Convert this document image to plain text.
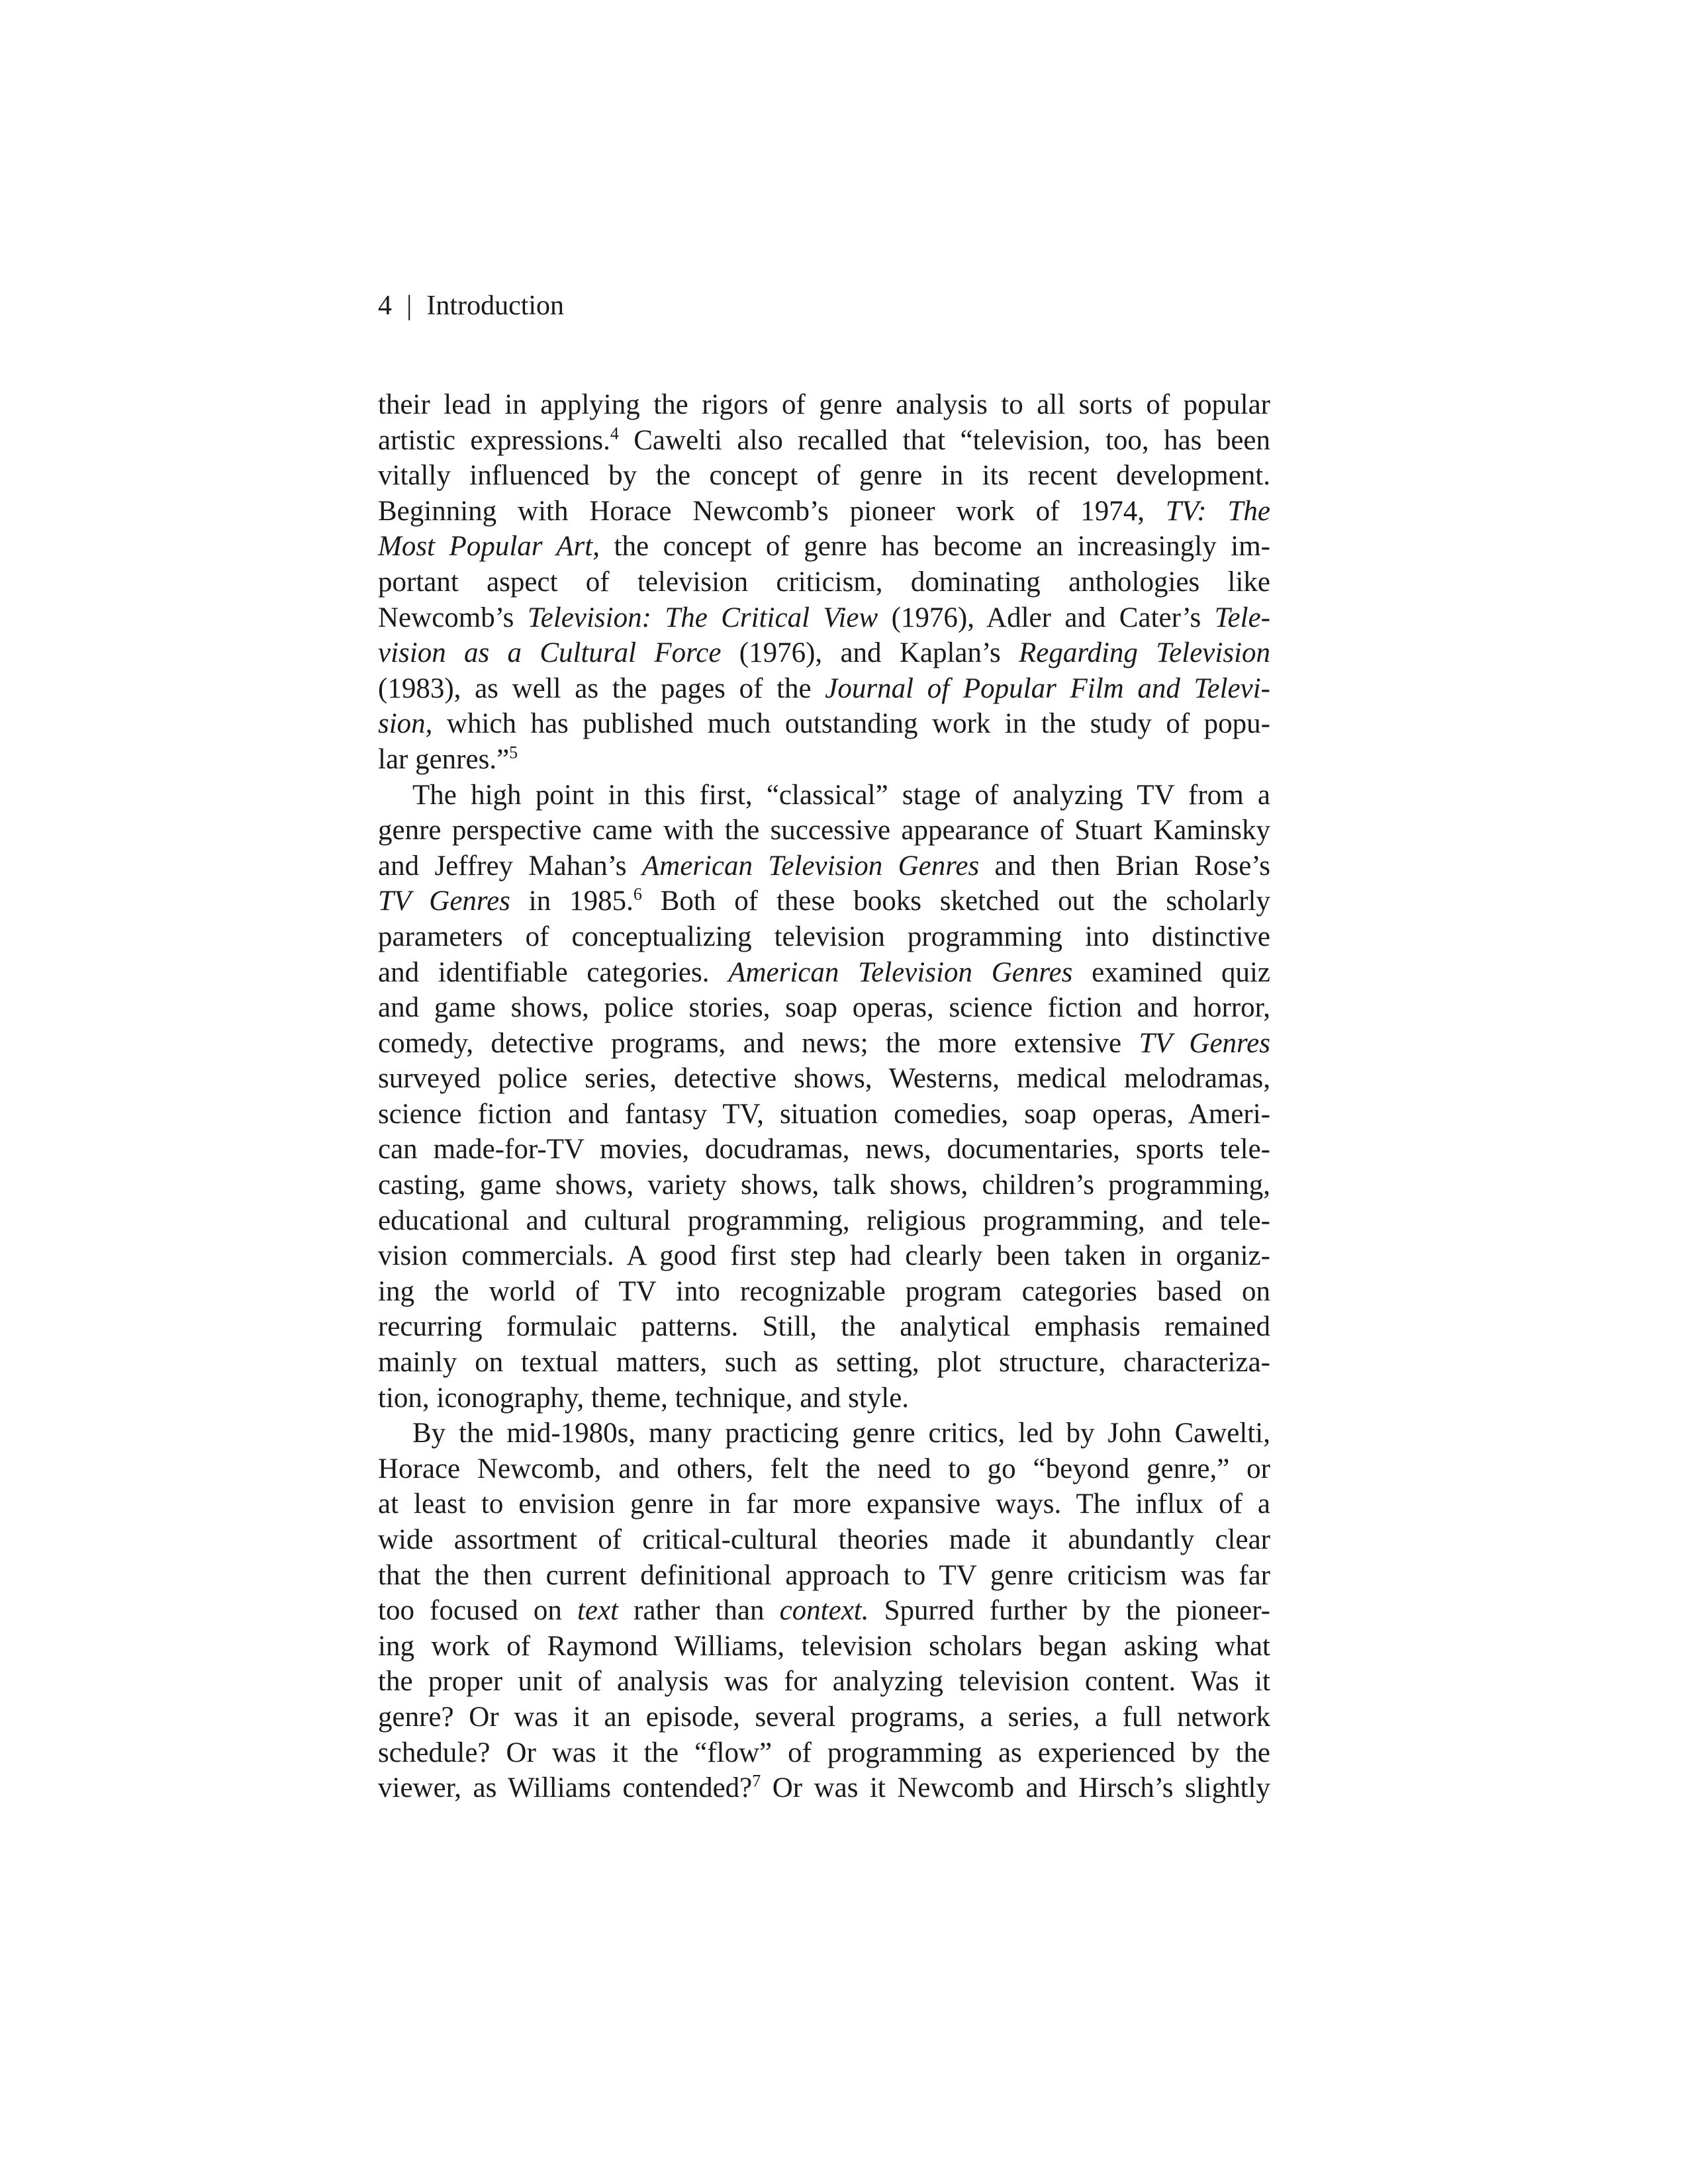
4 | Introduction
their lead in applying the rigors of genre analysis to all sorts of popular
artistic expressions.$^4$ Cawelti also recalled that “television, too, has been
vitally influenced by the concept of genre in its recent development.
Beginning with Horace Newcomb’s pioneer work of 1974, TV: The
Most Popular Art, the concept of genre has become an increasingly im-
portant aspect of television criticism, dominating anthologies like
Newcomb’s Television: The Critical View (1976), Adler and Cater’s Tele-
vision as a Cultural Force (1976), and Kaplan’s Regarding Television
(1983), as well as the pages of the Journal of Popular Film and Televi-
sion, which has published much outstanding work in the study of popu-
lar genres.”$^5$
The high point in this first, “classical” stage of analyzing TV from a
genre perspective came with the successive appearance of Stuart Kaminsky
and Jeffrey Mahan’s American Television Genres and then Brian Rose’s
TV Genres in 1985.$^6$ Both of these books sketched out the scholarly
parameters of conceptualizing television programming into distinctive
and identifiable categories. American Television Genres examined quiz
and game shows, police stories, soap operas, science fiction and horror,
comedy, detective programs, and news; the more extensive TV Genres
surveyed police series, detective shows, Westerns, medical melodramas,
science fiction and fantasy TV, situation comedies, soap operas, Ameri-
can made-for-TV movies, docudramas, news, documentaries, sports tele-
casting, game shows, variety shows, talk shows, children’s programming,
educational and cultural programming, religious programming, and tele-
vision commercials. A good first step had clearly been taken in organiz-
ing the world of TV into recognizable program categories based on
recurring formulaic patterns. Still, the analytical emphasis remained
mainly on textual matters, such as setting, plot structure, characteriza-
tion, iconography, theme, technique, and style.
By the mid-1980s, many practicing genre critics, led by John Cawelti,
Horace Newcomb, and others, felt the need to go “beyond genre,” or
at least to envision genre in far more expansive ways. The influx of a
wide assortment of critical-cultural theories made it abundantly clear
that the then current definitional approach to TV genre criticism was far
too focused on text rather than context. Spurred further by the pioneer-
ing work of Raymond Williams, television scholars began asking what
the proper unit of analysis was for analyzing television content. Was it
genre? Or was it an episode, several programs, a series, a full network
schedule? Or was it the “flow” of programming as experienced by the
viewer, as Williams contended?$^7$ Or was it Newcomb and Hirsch’s slightly
